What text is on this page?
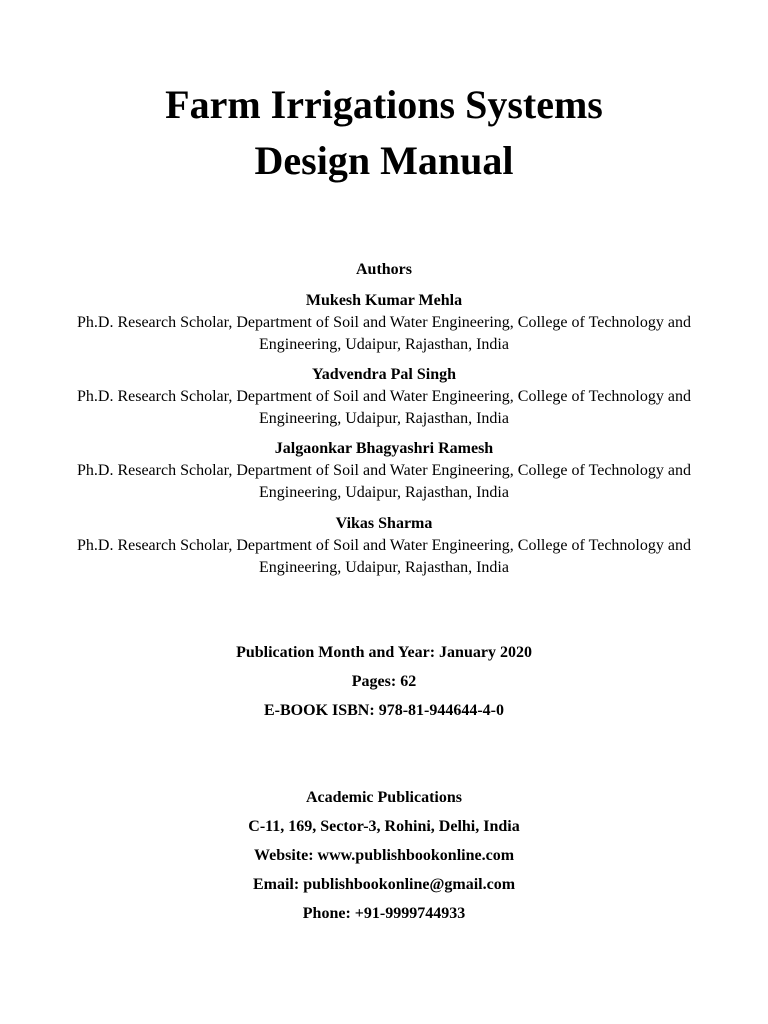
Farm Irrigations Systems
Design Manual
Authors
Mukesh Kumar Mehla
Ph.D. Research Scholar, Department of Soil and Water Engineering, College of Technology and Engineering, Udaipur, Rajasthan, India
Yadvendra Pal Singh
Ph.D. Research Scholar, Department of Soil and Water Engineering, College of Technology and Engineering, Udaipur, Rajasthan, India
Jalgaonkar Bhagyashri Ramesh
Ph.D. Research Scholar, Department of Soil and Water Engineering, College of Technology and Engineering, Udaipur, Rajasthan, India
Vikas Sharma
Ph.D. Research Scholar, Department of Soil and Water Engineering, College of Technology and Engineering, Udaipur, Rajasthan, India
Publication Month and Year: January 2020
Pages: 62
E-BOOK ISBN: 978-81-944644-4-0
Academic Publications
C-11, 169, Sector-3, Rohini, Delhi, India
Website: www.publishbookonline.com
Email: publishbookonline@gmail.com
Phone: +91-9999744933
